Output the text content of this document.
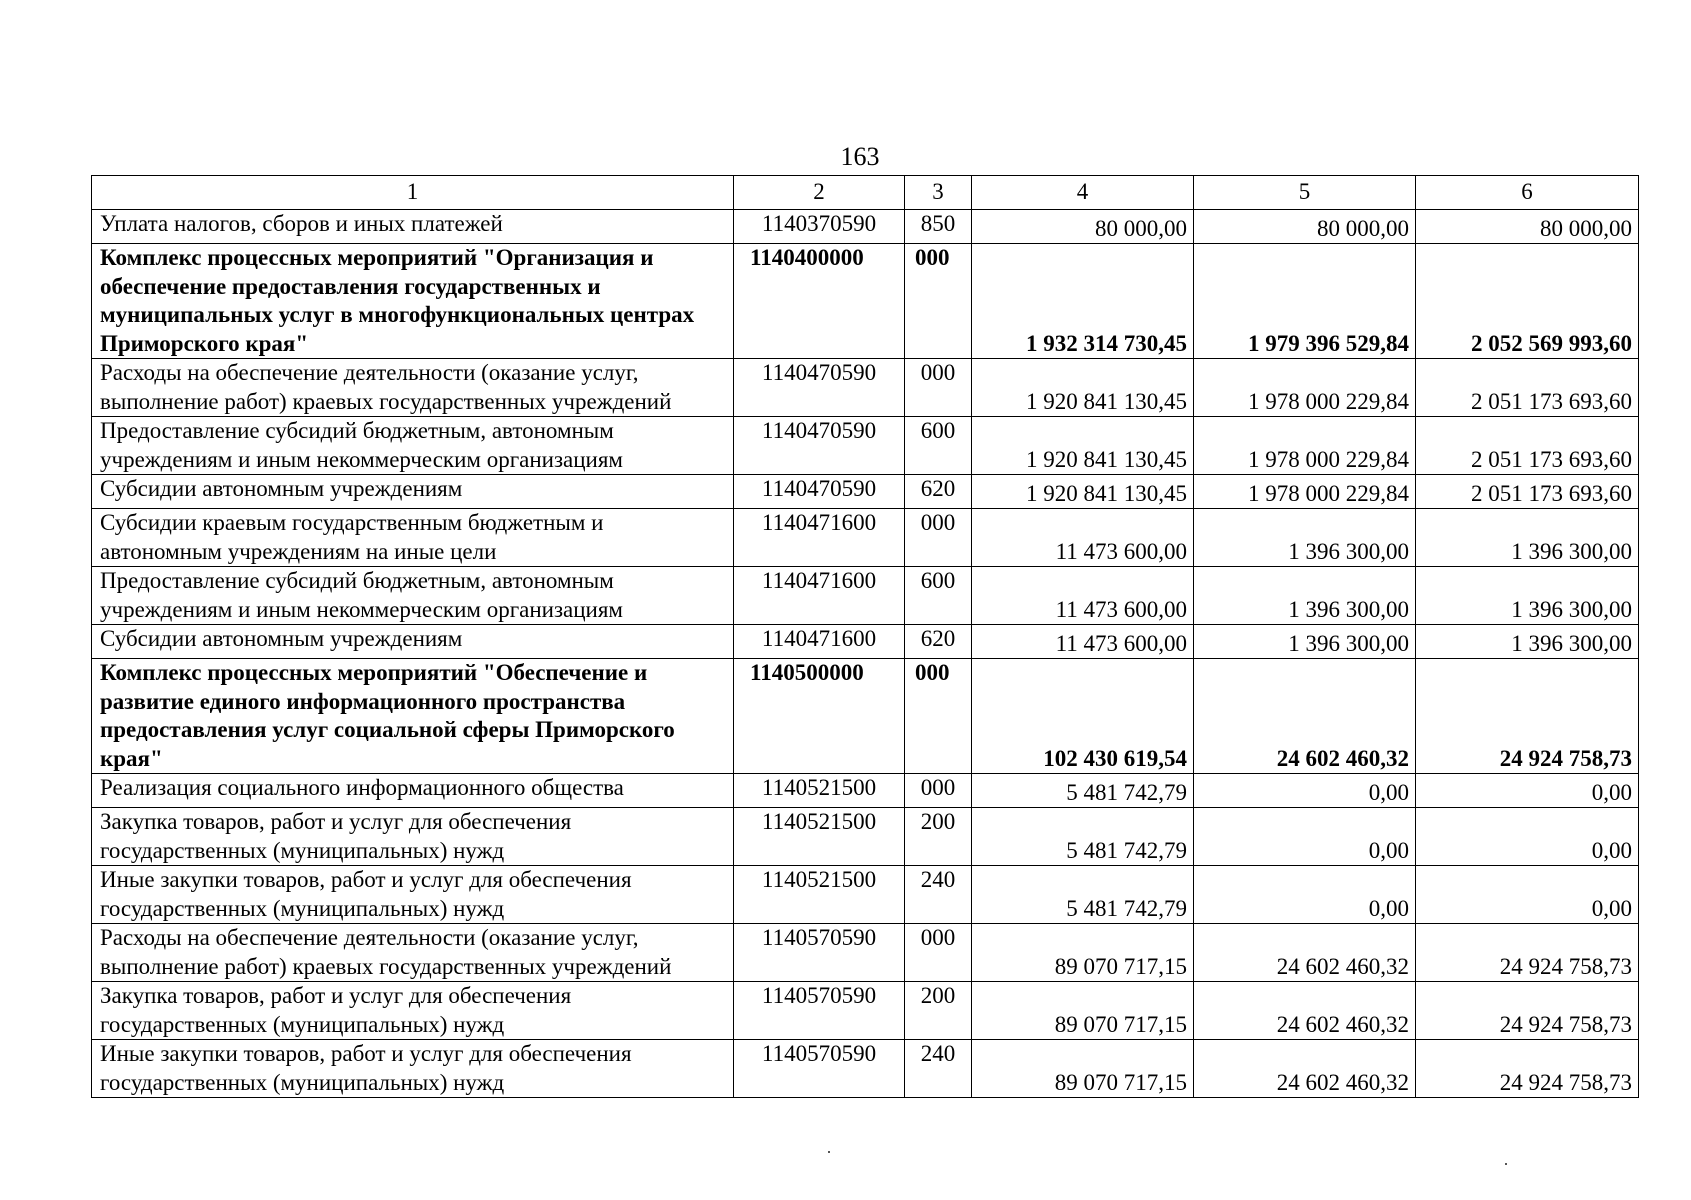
163
1	2	3	4	5	6
Уплата налогов, сборов и иных платежей	1140370590	850	80 000,00	80 000,00	80 000,00
Комплекс процессных мероприятий "Организация и обеспечение предоставления государственных и муниципальных услуг в многофункциональных центрах Приморского края"	1140400000	000	1 932 314 730,45	1 979 396 529,84	2 052 569 993,60
Расходы на обеспечение деятельности (оказание услуг, выполнение работ) краевых государственных учреждений	1140470590	000	1 920 841 130,45	1 978 000 229,84	2 051 173 693,60
Предоставление субсидий бюджетным, автономным учреждениям и иным некоммерческим организациям	1140470590	600	1 920 841 130,45	1 978 000 229,84	2 051 173 693,60
Субсидии автономным учреждениям	1140470590	620	1 920 841 130,45	1 978 000 229,84	2 051 173 693,60
Субсидии краевым государственным бюджетным и автономным учреждениям на иные цели	1140471600	000	11 473 600,00	1 396 300,00	1 396 300,00
Предоставление субсидий бюджетным, автономным учреждениям и иным некоммерческим организациям	1140471600	600	11 473 600,00	1 396 300,00	1 396 300,00
Субсидии автономным учреждениям	1140471600	620	11 473 600,00	1 396 300,00	1 396 300,00
Комплекс процессных мероприятий "Обеспечение и развитие единого информационного пространства предоставления услуг социальной сферы Приморского края"	1140500000	000	102 430 619,54	24 602 460,32	24 924 758,73
Реализация социального информационного общества	1140521500	000	5 481 742,79	0,00	0,00
Закупка товаров, работ и услуг для обеспечения государственных (муниципальных) нужд	1140521500	200	5 481 742,79	0,00	0,00
Иные закупки товаров, работ и услуг для обеспечения государственных (муниципальных) нужд	1140521500	240	5 481 742,79	0,00	0,00
Расходы на обеспечение деятельности (оказание услуг, выполнение работ) краевых государственных учреждений	1140570590	000	89 070 717,15	24 602 460,32	24 924 758,73
Закупка товаров, работ и услуг для обеспечения государственных (муниципальных) нужд	1140570590	200	89 070 717,15	24 602 460,32	24 924 758,73
Иные закупки товаров, работ и услуг для обеспечения государственных (муниципальных) нужд	1140570590	240	89 070 717,15	24 602 460,32	24 924 758,73
